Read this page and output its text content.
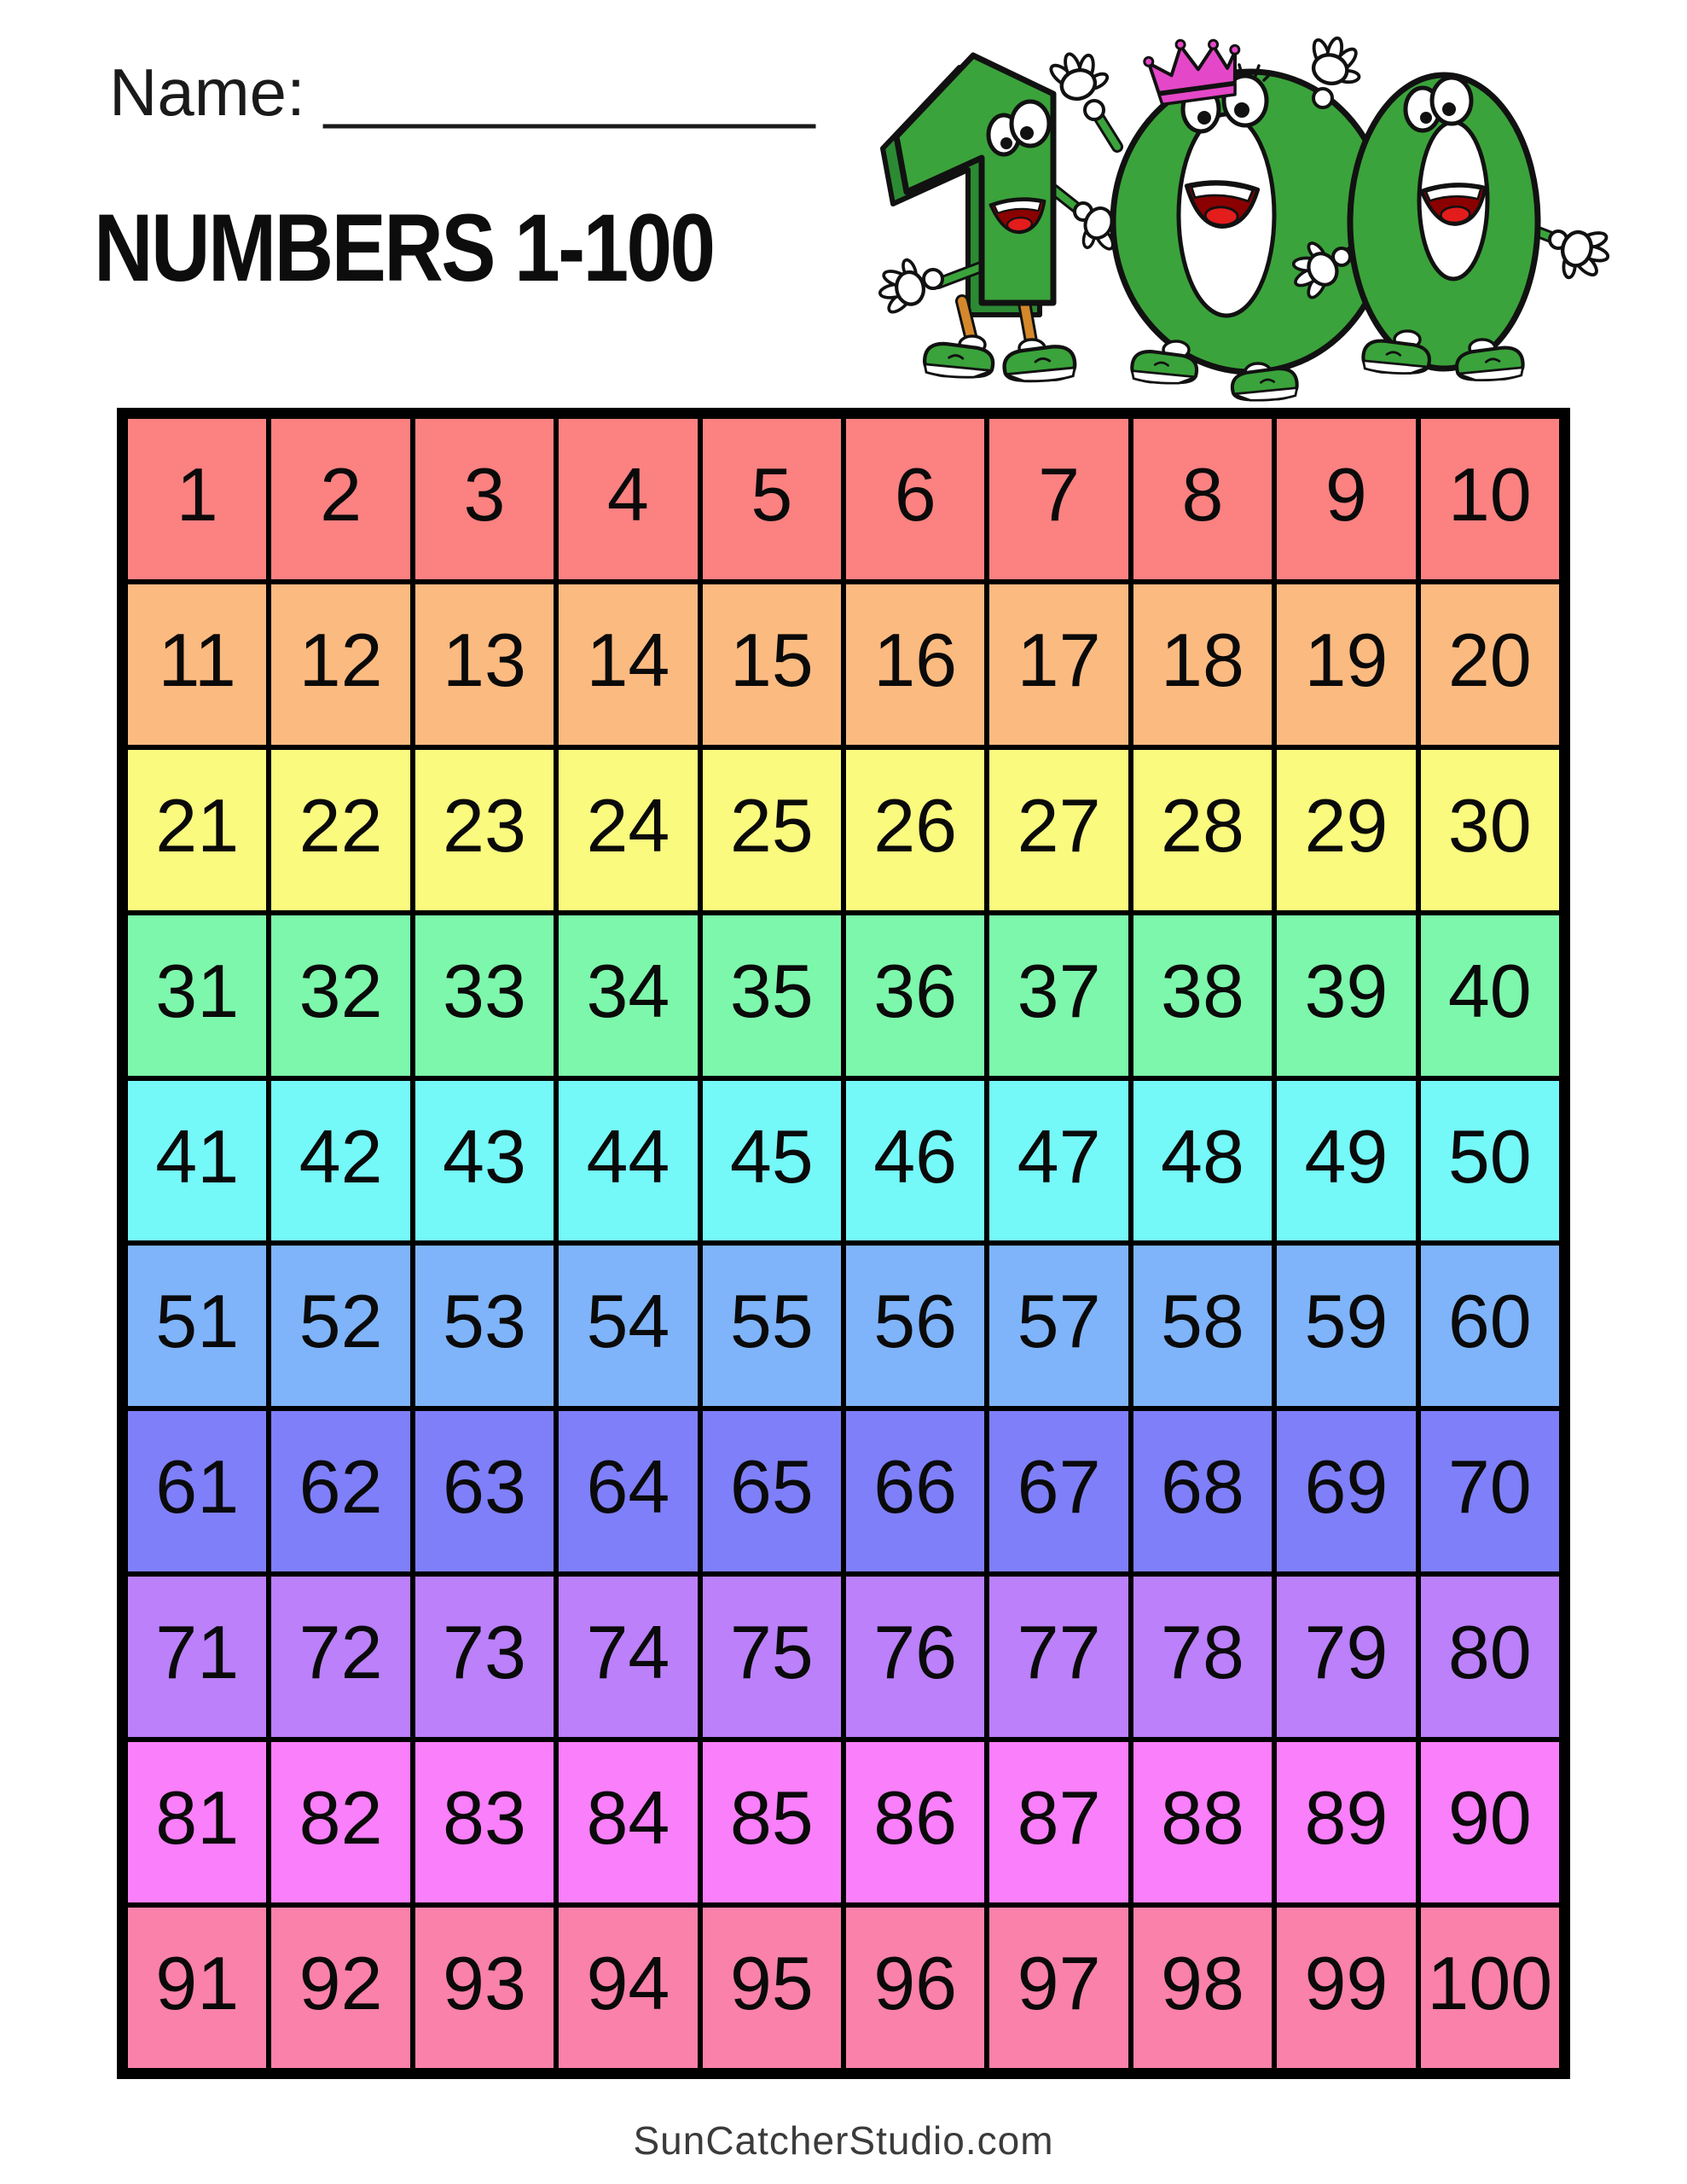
Name: _____________
NUMBERS 1-100
1	2	3	4	5	6	7	8	9	10
11 12 13 14 15 16 17 18 19 20
21 22 23 24 25 26 27 28 29 30
31 32 33 34 35 36 37 38 39 40
41 42 43 44 45 46 47 48 49 50
51 52 53 54 55 56 57 58 59 60
61 62 63 64 65 66 67 68 69 70
71 72 73 74 75 76 77 78 79 80
81 82 83 84 85 86 87 88 89 90
91 92 93 94 95 96 97 98 99 100
SunCatcherStudio.com
